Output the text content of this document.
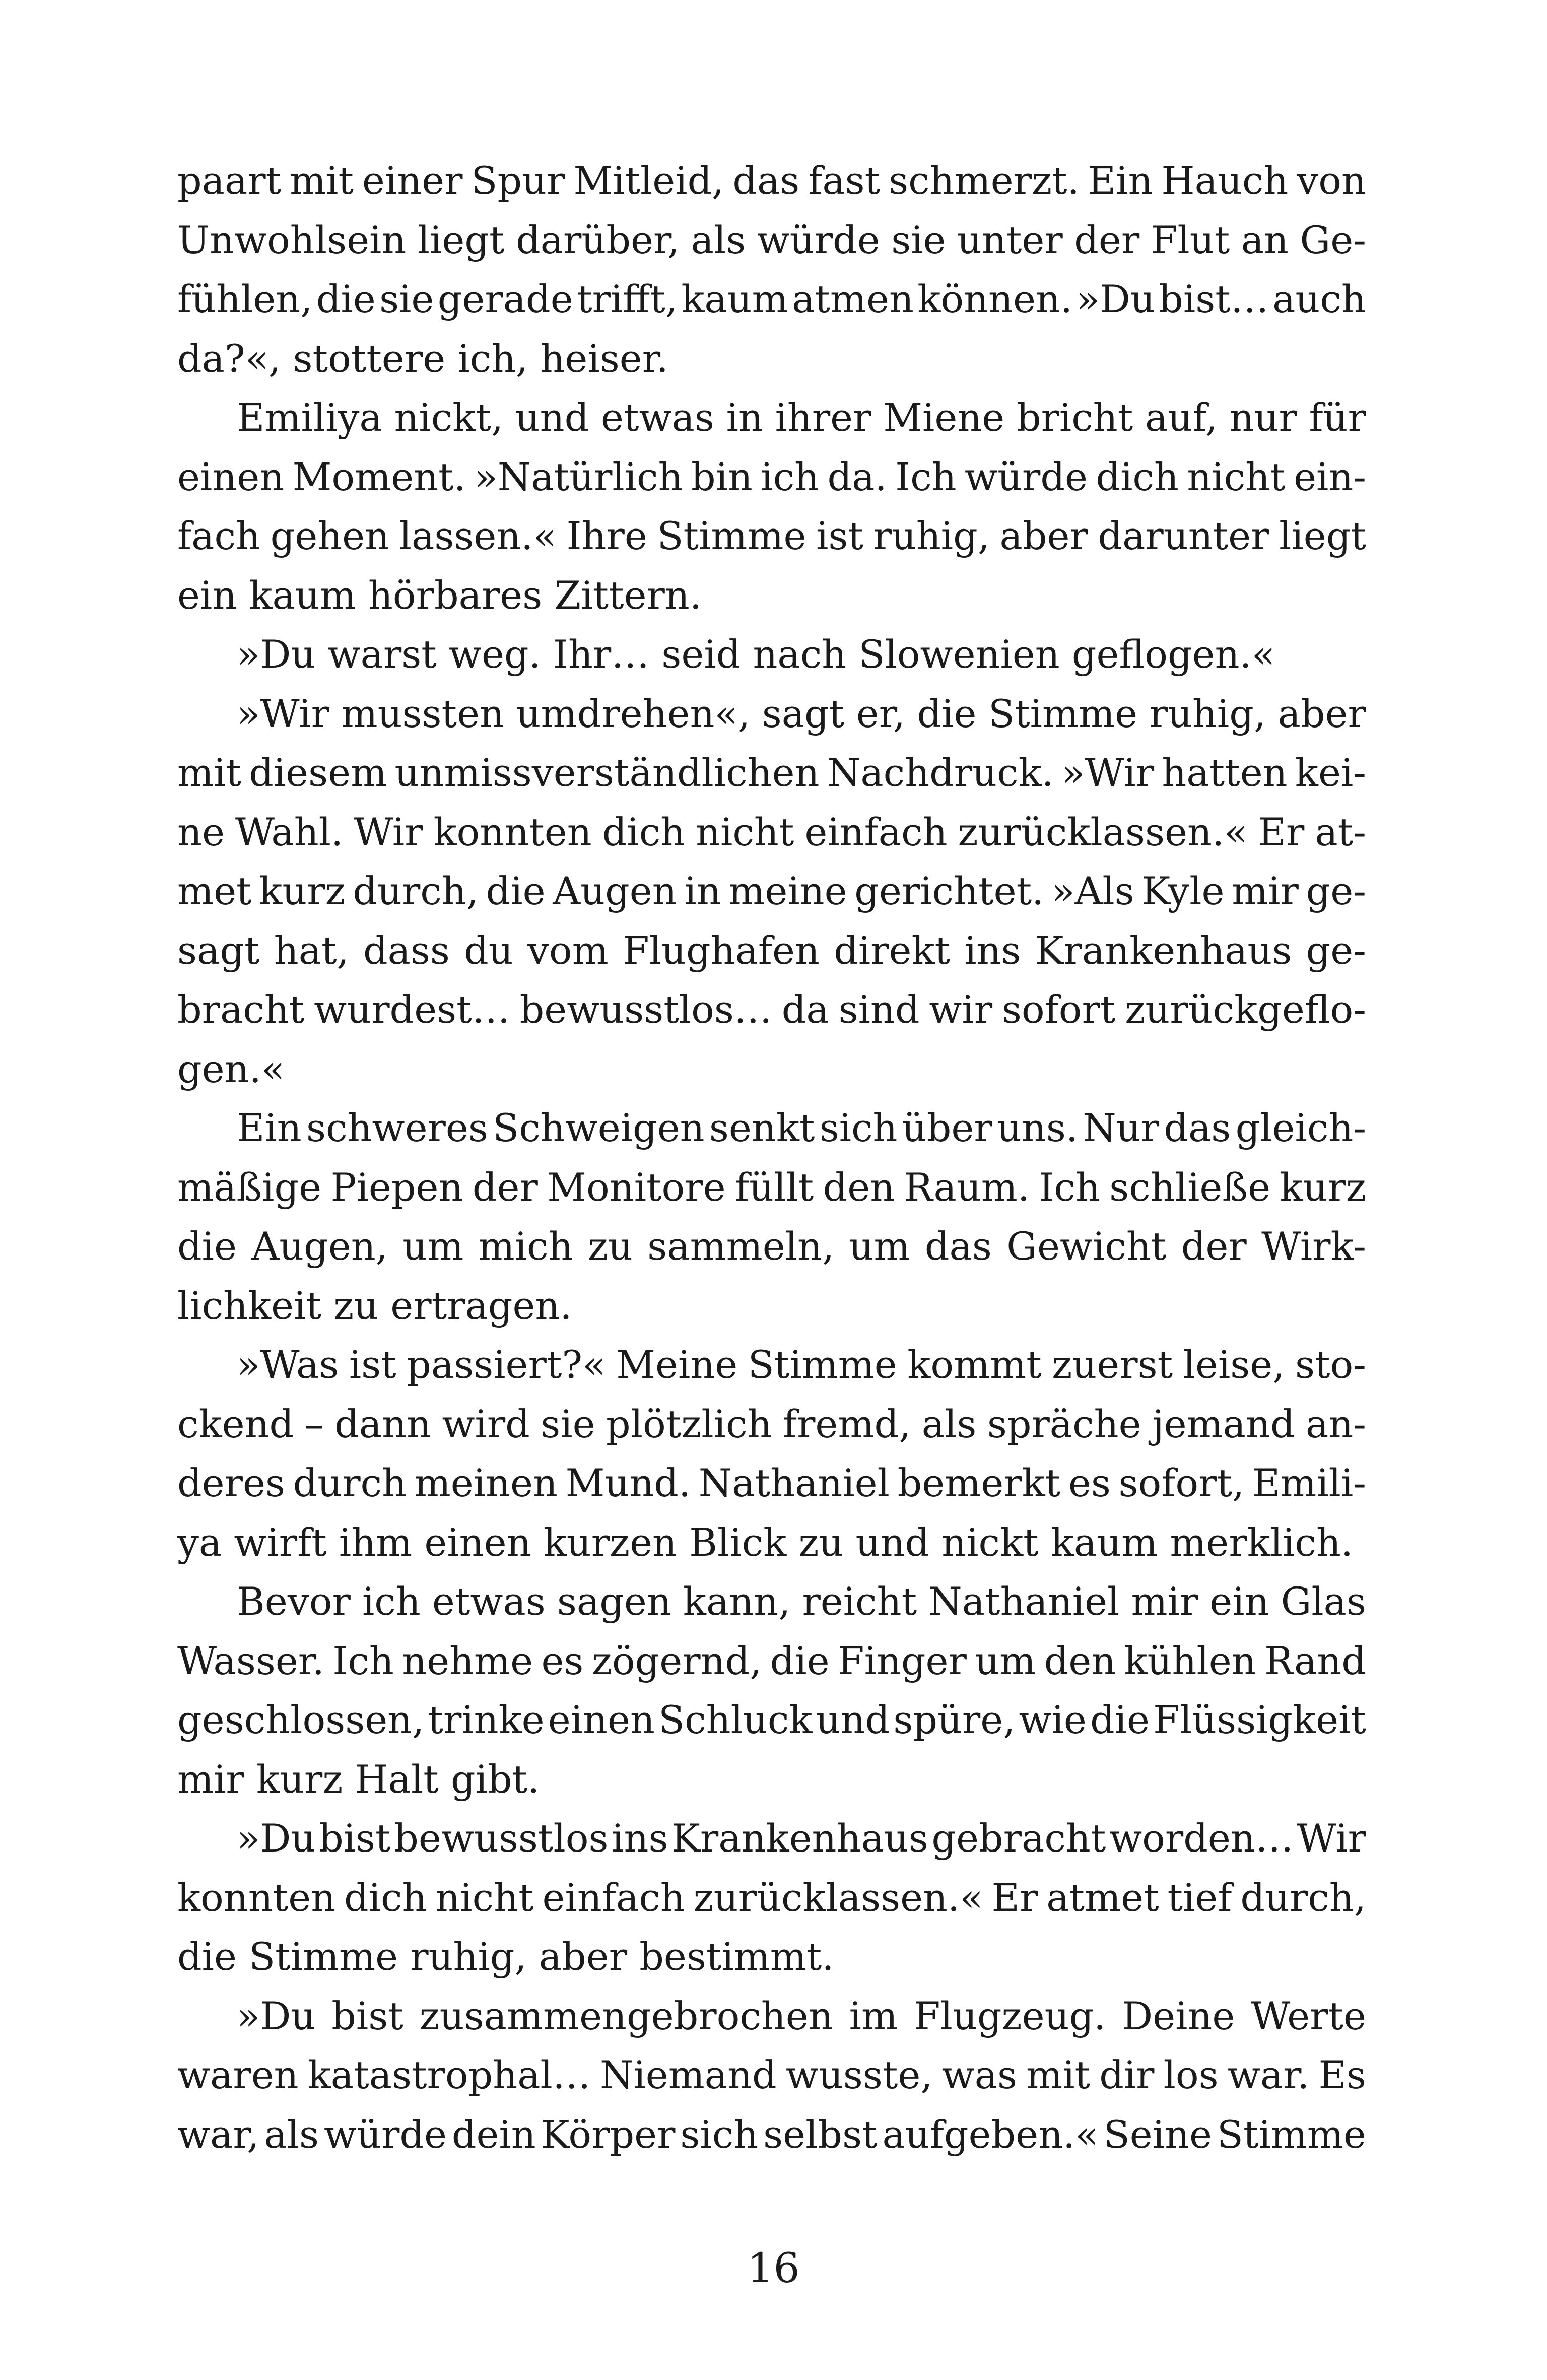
paart mit einer Spur Mitleid, das fast schmerzt. Ein Hauch von
Unwohlsein liegt darüber, als würde sie unter der Flut an Ge-
fühlen, die sie gerade trifft, kaum atmen können. »Du bist… auch
da?«, stottere ich, heiser.
Emiliya nickt, und etwas in ihrer Miene bricht auf, nur für
einen Moment. »Natürlich bin ich da. Ich würde dich nicht ein-
fach gehen lassen.« Ihre Stimme ist ruhig, aber darunter liegt
ein kaum hörbares Zittern.
»Du warst weg. Ihr… seid nach Slowenien geflogen.«
»Wir mussten umdrehen«, sagt er, die Stimme ruhig, aber
mit diesem unmissverständlichen Nachdruck. »Wir hatten kei-
ne Wahl. Wir konnten dich nicht einfach zurücklassen.« Er at-
met kurz durch, die Augen in meine gerichtet. »Als Kyle mir ge-
sagt hat, dass du vom Flughafen direkt ins Krankenhaus ge-
bracht wurdest… bewusstlos… da sind wir sofort zurückgeflo-
gen.«
Ein schweres Schweigen senkt sich über uns. Nur das gleich-
mäßige Piepen der Monitore füllt den Raum. Ich schließe kurz
die Augen, um mich zu sammeln, um das Gewicht der Wirk-
lichkeit zu ertragen.
»Was ist passiert?« Meine Stimme kommt zuerst leise, sto-
ckend – dann wird sie plötzlich fremd, als spräche jemand an-
deres durch meinen Mund. Nathaniel bemerkt es sofort, Emili-
ya wirft ihm einen kurzen Blick zu und nickt kaum merklich.
Bevor ich etwas sagen kann, reicht Nathaniel mir ein Glas
Wasser. Ich nehme es zögernd, die Finger um den kühlen Rand
geschlossen, trinke einen Schluck und spüre, wie die Flüssigkeit
mir kurz Halt gibt.
»Du bist bewusstlos ins Krankenhaus gebracht worden… Wir
konnten dich nicht einfach zurücklassen.« Er atmet tief durch,
die Stimme ruhig, aber bestimmt.
»Du bist zusammengebrochen im Flugzeug. Deine Werte
waren katastrophal… Niemand wusste, was mit dir los war. Es
war, als würde dein Körper sich selbst aufgeben.« Seine Stimme
16
